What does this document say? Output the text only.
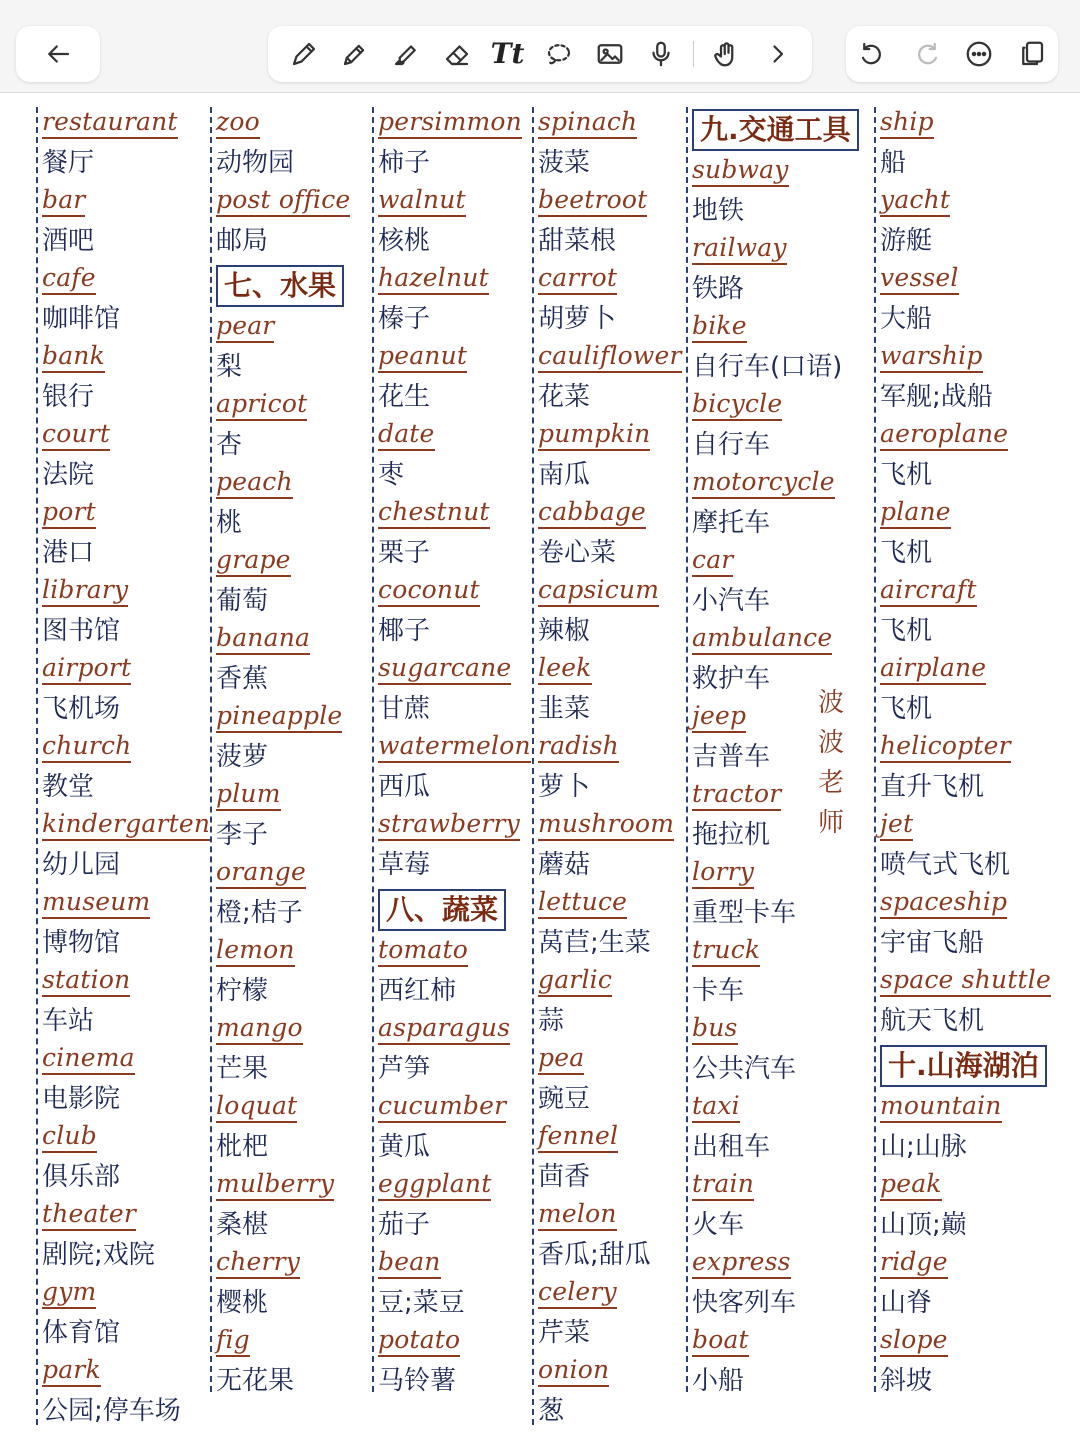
Tt
restaurant
餐厅
bar
酒吧
cafe
咖啡馆
bank
银行
court
法院
port
港口
library
图书馆
airport
飞机场
church
教堂
kindergarten
幼儿园
museum
博物馆
station
车站
cinema
电影院
club
俱乐部
theater
剧院;戏院
gym
体育馆
park
公园;停车场
zoo
动物园
post office
邮局
七、水果
pear
梨
apricot
杏
peach
桃
grape
葡萄
banana
香蕉
pineapple
菠萝
plum
李子
orange
橙;桔子
lemon
柠檬
mango
芒果
loquat
枇杷
mulberry
桑椹
cherry
樱桃
fig
无花果
persimmon
柿子
walnut
核桃
hazelnut
榛子
peanut
花生
date
枣
chestnut
栗子
coconut
椰子
sugarcane
甘蔗
watermelon
西瓜
strawberry
草莓
八、蔬菜
tomato
西红柿
asparagus
芦笋
cucumber
黄瓜
eggplant
茄子
bean
豆;菜豆
potato
马铃薯
spinach
菠菜
beetroot
甜菜根
carrot
胡萝卜
cauliflower
花菜
pumpkin
南瓜
cabbage
卷心菜
capsicum
辣椒
leek
韭菜
radish
萝卜
mushroom
蘑菇
lettuce
莴苣;生菜
garlic
蒜
pea
豌豆
fennel
茴香
melon
香瓜;甜瓜
celery
芹菜
onion
葱
九.交通工具
subway
地铁
railway
铁路
bike
自行车(口语)
bicycle
自行车
motorcycle
摩托车
car
小汽车
ambulance
救护车
jeep
吉普车
tractor
拖拉机
lorry
重型卡车
truck
卡车
bus
公共汽车
taxi
出租车
train
火车
express
快客列车
boat
小船
ship
船
yacht
游艇
vessel
大船
warship
军舰;战船
aeroplane
飞机
plane
飞机
aircraft
飞机
airplane
飞机
helicopter
直升飞机
jet
喷气式飞机
spaceship
宇宙飞船
space shuttle
航天飞机
十.山海湖泊
mountain
山;山脉
peak
山顶;巅
ridge
山脊
slope
斜坡
波波老师
